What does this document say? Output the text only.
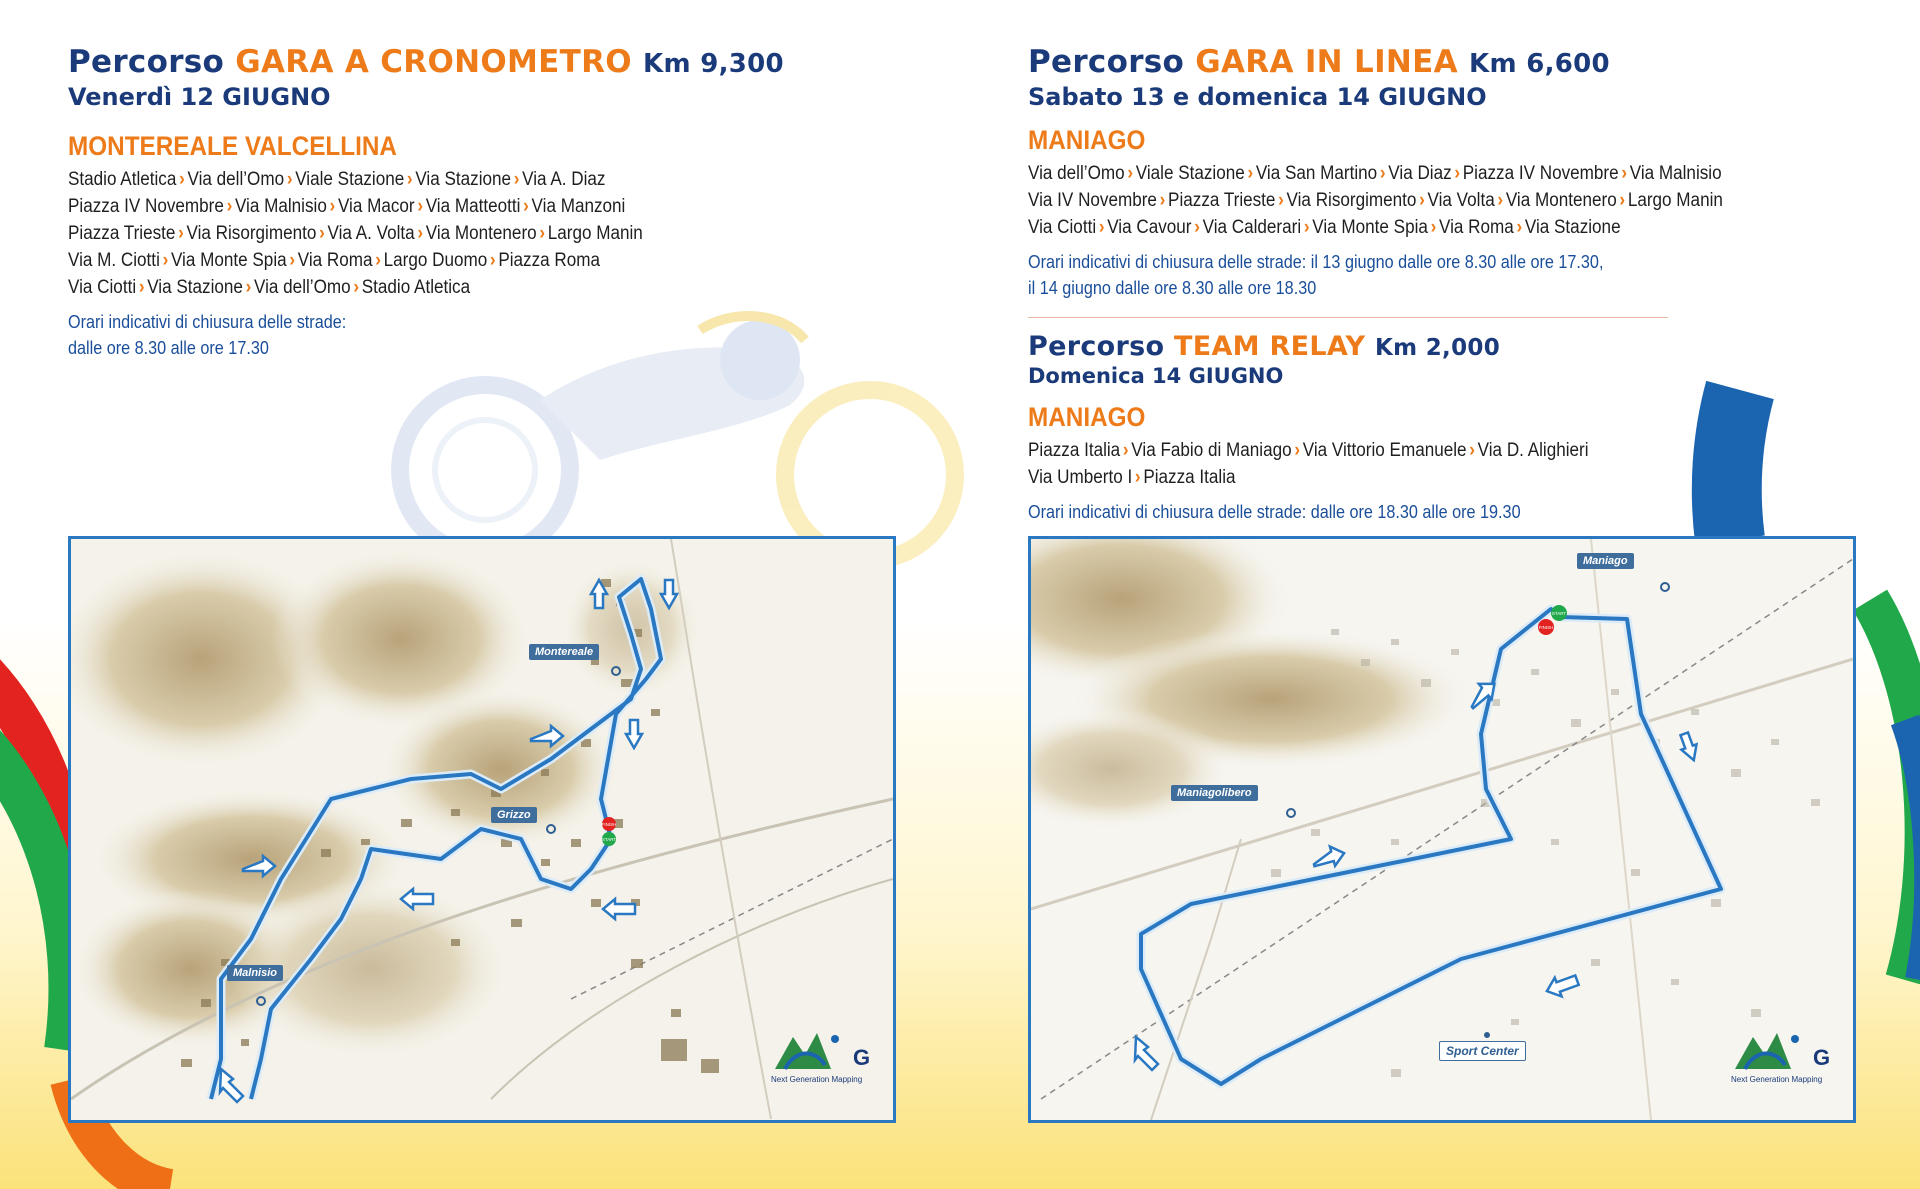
Percorso GARA A CRONOMETRO Km 9,300
Venerdì 12 GIUGNO
MONTEREALE VALCELLINA
Stadio Atletica › Via dell’Omo › Viale Stazione › Via Stazione › Via A. Diaz
Piazza IV Novembre › Via Malnisio › Via Macor › Via Matteotti › Via Manzoni
Piazza Trieste › Via Risorgimento › Via A. Volta › Via Montenero › Largo Manin
Via M. Ciotti › Via Monte Spia › Via Roma › Largo Duomo › Piazza Roma
Via Ciotti › Via Stazione › Via dell’Omo › Stadio Atletica
Orari indicativi di chiusura delle strade:
dalle ore 8.30 alle ore 17.30
Percorso GARA IN LINEA Km 6,600
Sabato 13 e domenica 14 GIUGNO
MANIAGO
Via dell’Omo › Viale Stazione › Via San Martino › Via Diaz › Piazza IV Novembre › Via Malnisio
Via IV Novembre › Piazza Trieste › Via Risorgimento › Via Volta › Via Montenero › Largo Manin
Via Ciotti › Via Cavour › Via Calderari › Via Monte Spia › Via Roma › Via Stazione
Orari indicativi di chiusura delle strade: il 13 giugno dalle ore 8.30 alle ore 17.30,
il 14 giugno dalle ore 8.30 alle ore 18.30
Percorso TEAM RELAY Km 2,000
Domenica 14 GIUGNO
MANIAGO
Piazza Italia › Via Fabio di Maniago › Via Vittorio Emanuele › Via D. Alighieri
Via Umberto I › Piazza Italia
Orari indicativi di chiusura delle strade: dalle ore 18.30 alle ore 19.30
FINISH
START
Montereale
Grizzo
Malnisio
G
Next Generation Mapping
START
FINISH
Maniago
Maniagolibero
Sport Center	G
Next Generation Mapping
